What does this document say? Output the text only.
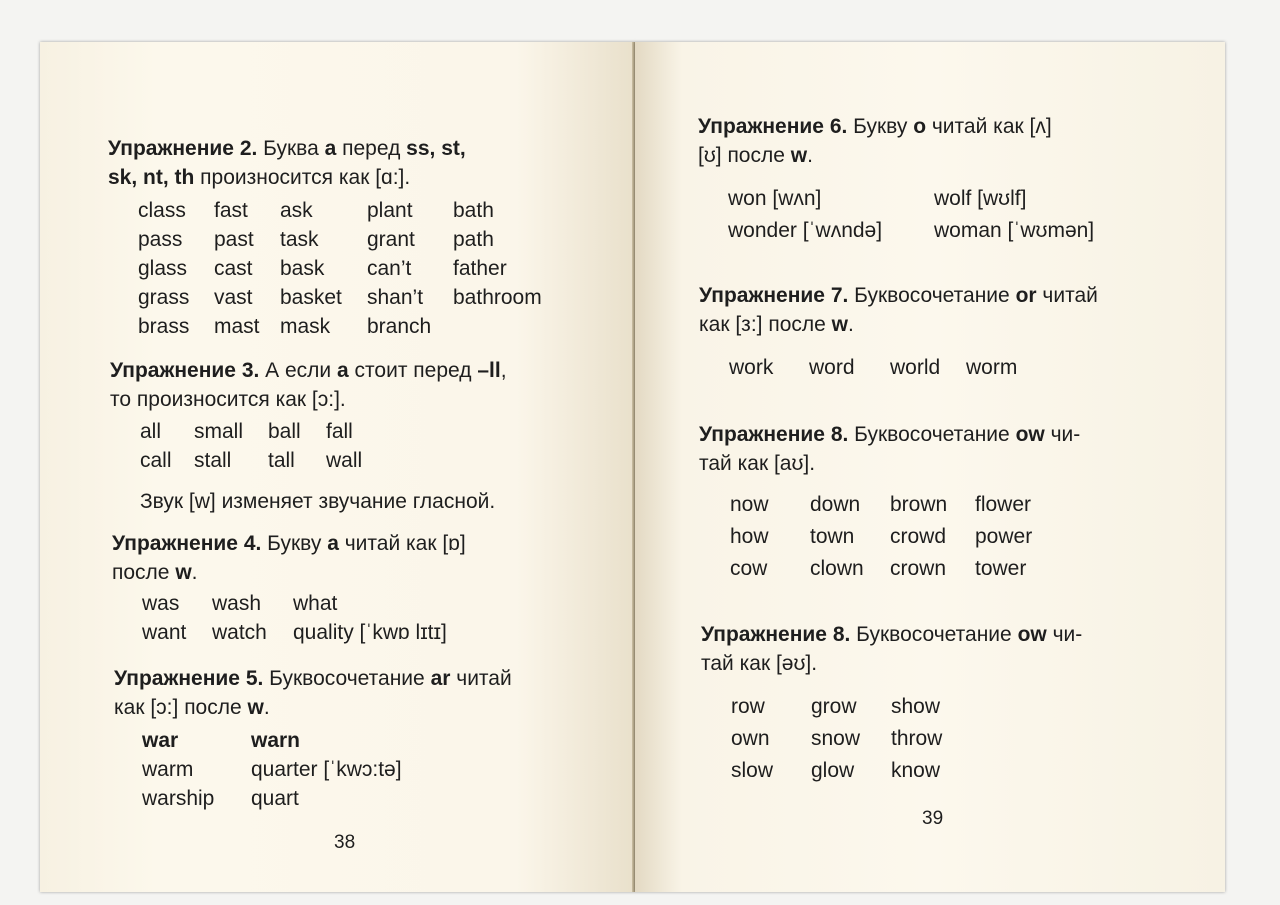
Упражнение 2. Буква a перед ss, st,
sk, nt, th произносится как [ɑ:].
class fast ask	plant bath
pass past task grant path
glass cast bask can’t father
grass vast basket shan’t bathroom
brass mast mask branch
Упражнение 3. А если a стоит перед –ll,
то произносится как [ɔ:].
all small ball fall
call stall tall wall
Звук [w] изменяет звучание гласной.
Упражнение 4. Букву a читай как [ɒ]
после w.
was wash what
want watch quality [ˈkwɒ lɪtɪ]
Упражнение 5. Буквосочетание ar читай
как [ɔ:] после w.
war	warn
warm	quarter [ˈkwɔ:tə]
warship quart
38
Упражнение 6. Букву o читай как [ʌ]
[ʊ] после w.
won [wʌn]	wolf [wʊlf]
wonder [ˈwʌndə] woman [ˈwʊmən]
Упражнение 7. Буквосочетание or читай
как [з:] после w.
work word world worm
Упражнение 8. Буквосочетание ow чи-
тай как [aʊ].
now down brown flower
how town crowd power
cow clown crown tower
Упражнение 8. Буквосочетание ow чи-
тай как [əʊ].
row grow show
own snow throw
slow glow know
39
